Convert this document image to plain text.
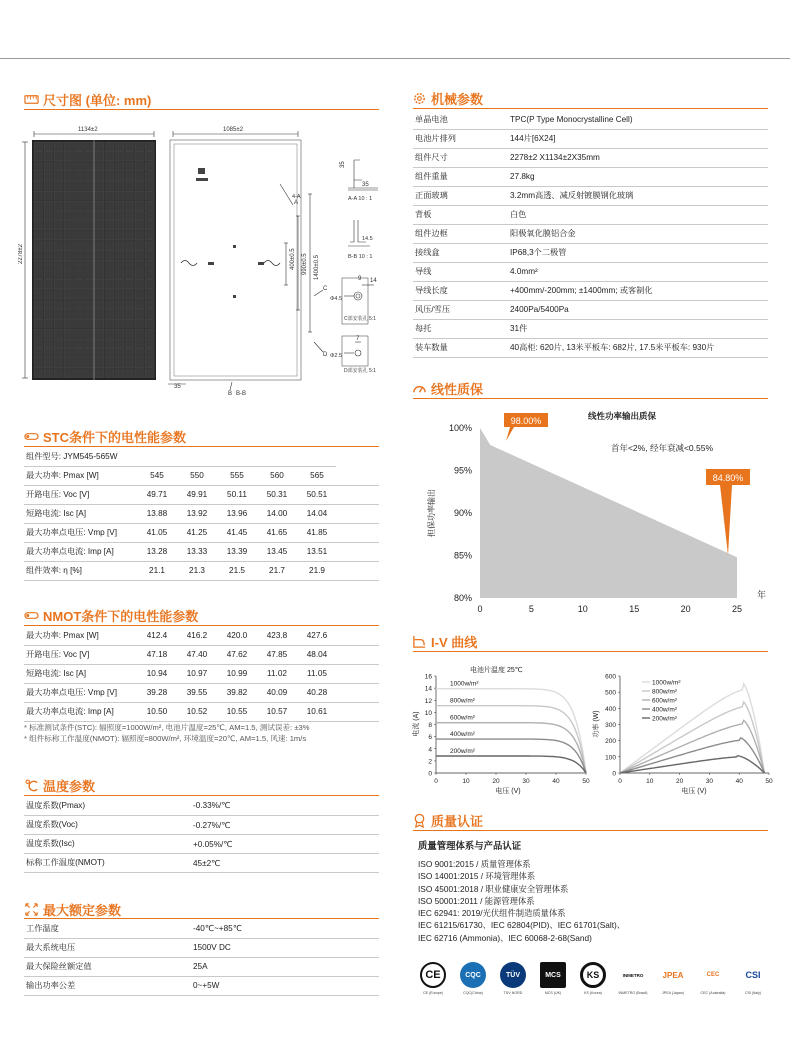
尺寸图 (单位: mm)
1134±2	1085±2
2278±2	400±0.5 990±0.5 1400±0.5
A
4-A
B B-B
35
C
D
35
35
A-A 10 : 1
14.5
B-B 10 : 1
9 14
Φ4.5
C部安装孔 5:1
7
Φ2.5
D部安装孔 5:1
机械参数
单晶电池	TPC(P Type Monocrystalline Cell)
电池片排列	144片[6X24]
组件尺寸	2278±2 X1134±2X35mm
组件重量	27.8kg
正面玻璃	3.2mm高透、减反射镀膜钢化玻璃
背板	白色
组件边框	阳极氧化膜铝合金
接线盒	IP68,3个二极管
导线	4.0mm²
导线长度	+400mm/-200mm; ±1400mm; 或客制化
风压/雪压	2400Pa/5400Pa
每托	31件
装车数量	40高柜: 620片, 13米平板车: 682片, 17.5米平板车: 930片
STC条件下的电性能参数
组件型号: JYM545-565W						
最大功率: Pmax [W]	545	550	555	560	565	
开路电压: Voc [V]	49.71	49.91	50.11	50.31	50.51	
短路电流: Isc [A]	13.88	13.92	13.96	14.00	14.04	
最大功率点电压: Vmp [V]	41.05	41.25	41.45	41.65	41.85	
最大功率点电流: Imp [A]	13.28	13.33	13.39	13.45	13.51	
组件效率: η [%]	21.1	21.3	21.5	21.7	21.9	
NMOT条件下的电性能参数
最大功率: Pmax [W]	412.4	416.2	420.0	423.8	427.6	
开路电压: Voc [V]	47.18	47.40	47.62	47.85	48.04	
短路电流: Isc [A]	10.94	10.97	10.99	11.02	11.05	
最大功率点电压: Vmp [V]	39.28	39.55	39.82	40.09	40.28	
最大功率点电流: Imp [A]	10.50	10.52	10.55	10.57	10.61	
* 标准测试条件(STC): 辐照度=1000W/m², 电池片温度=25℃, AM=1.5, 测试误差: ±3%
* 组件标称工作温度(NMOT): 辐照度=800W/m², 环境温度=20℃, AM=1.5, 风速: 1m/s
温度参数
温度系数(Pmax)	-0.33%/℃
温度系数(Voc)	-0.27%/℃
温度系数(Isc)	+0.05%/℃
标称工作温度(NMOT)	45±2℃
最大额定参数
工作温度	-40℃~+85℃
最大系统电压	1500V DC
最大保险丝额定值	25A
输出功率公差	0~+5W
线性质保
80%
85%
90%
95%
100%
0	5	10	15	20	25
年
担保功率输出
线性功率输出质保
首年<2%, 经年衰减<0.55%
98.00%
84.80%
I-V 曲线
0
2
4
6
8
10
12
14
16
0	10	20	30	40	50
1000w/m²
800w/m²
600w/m²
400w/m²
200w/m²
电池片温度 25℃
电流 (A)
电压 (V)
0
100
200
300
400
500
600
0	10	20	30	40	50
1000w/m²
800w/m²
600w/m²
400w/m²
200w/m²
功率 (W)
电压 (V)
质量认证
质量管理体系与产品认证
ISO 9001:2015 / 质量管理体系
ISO 14001:2015 / 环境管理体系
ISO 45001:2018 / 职业健康安全管理体系
ISO 50001:2011 / 能源管理体系
IEC 62941: 2019/光伏组件制造质量体系
IEC 61215/61730、IEC 62804(PID)、IEC 61701(Salt)、
IEC 62716 (Ammonia)、IEC 60068-2-68(Sand)
CE
CE (Europe)
CQC
CQC(China)
TÜV
TÜV NORD
MCS
MCS (UK)
KS
KS (Korea)
INMETRO
INMETRO (Brazil)
JPEA
JPEA (Japan)
CEC
CEC (Australia)
CSI
CSI (Italy)
